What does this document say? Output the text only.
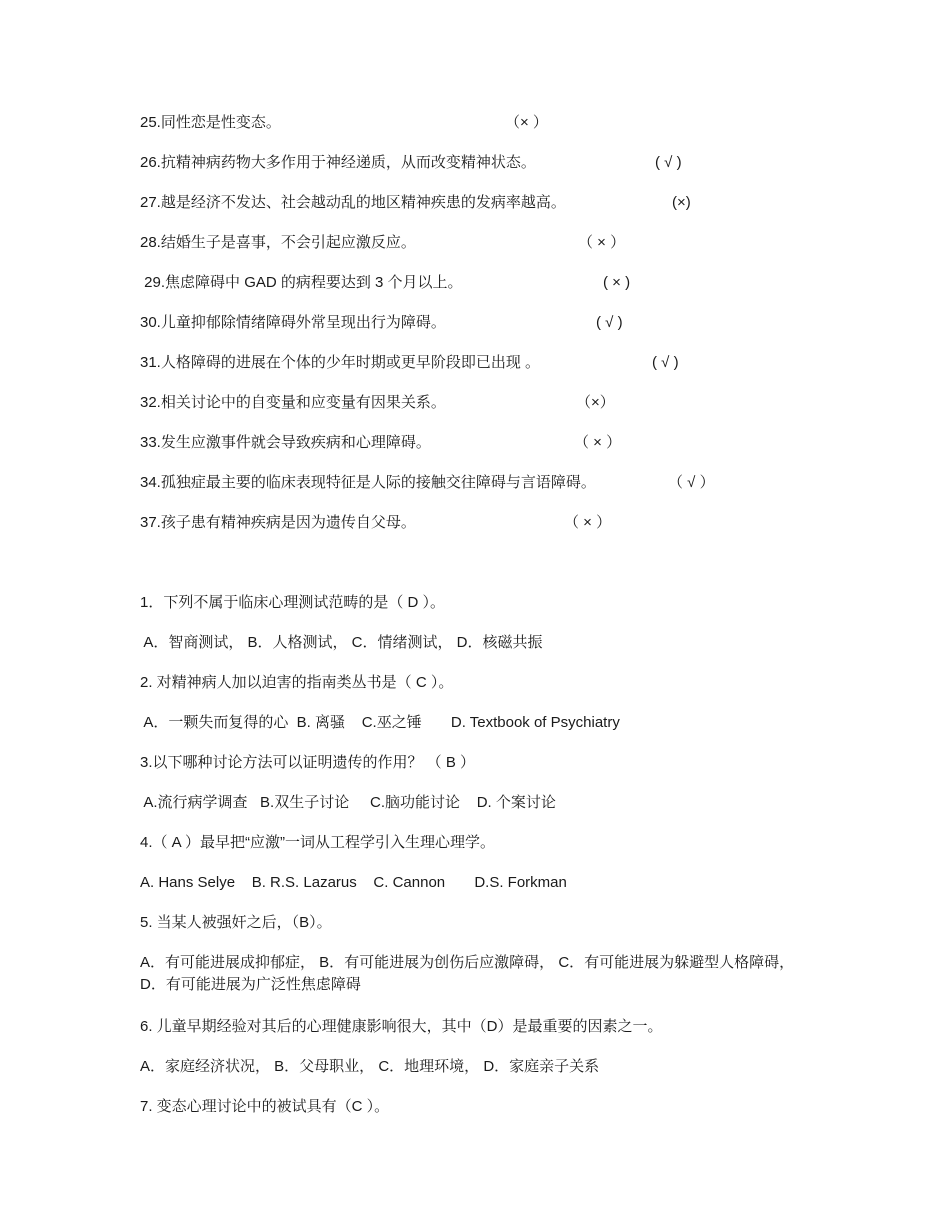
25.同性恋是性变态。	（× ）
26.抗精神病药物大多作用于神经递质，从而改变精神状态。	( √ )
27.越是经济不发达、社会越动乱的地区精神疾患的发病率越高。	(×)
28.结婚生子是喜事，不会引起应激反应。	（ × ）
29.焦虑障碍中 GAD 的病程要达到 3 个月以上。	( × )
30.儿童抑郁除情绪障碍外常呈现出行为障碍。	( √ )
31.人格障碍的进展在个体的少年时期或更早阶段即已出现 。	( √ )
32.相关讨论中的自变量和应变量有因果关系。	（×）
33.发生应激事件就会导致疾病和心理障碍。	（ × ）
34.孤独症最主要的临床表现特征是人际的接触交往障碍与言语障碍。	（ √ ）
37.孩子患有精神疾病是因为遗传自父母。	（ × ）
1．下列不属于临床心理测试范畴的是（ D ）。
A．智商测试， B．人格测试， C．情绪测试， D．核磁共振
2. 对精神病人加以迫害的指南类丛书是（ C ）。
A．一颗失而复得的心  B. 离骚    C.巫之锤       D. Textbook of Psychiatry
3.以下哪种讨论方法可以证明遗传的作用？ （ B ）
A.流行病学调查   B.双生子讨论     C.脑功能讨论    D. 个案讨论
4.（ A ）最早把“应激”一词从工程学引入生理心理学。
A. Hans Selye    B. R.S. Lazarus    C. Cannon       D.S. Forkman
5. 当某人被强奸之后，（B）。
A．有可能进展成抑郁症， B．有可能进展为创伤后应激障碍， C．有可能进展为躲避型人格障碍， D．有可能进展为广泛性焦虑障碍
6. 儿童早期经验对其后的心理健康影响很大，其中（D）是最重要的因素之一。
A．家庭经济状况， B．父母职业， C．地理环境， D．家庭亲子关系
7. 变态心理讨论中的被试具有（C ）。
